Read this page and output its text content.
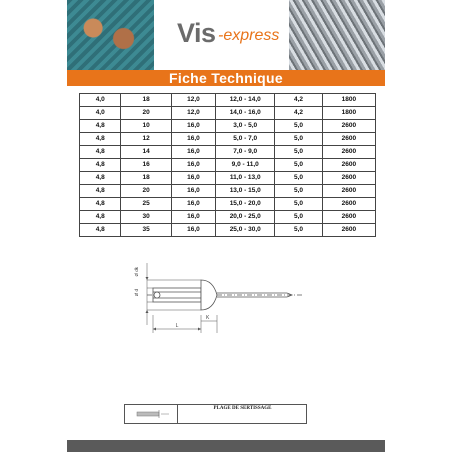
Vis -express
Fiche Technique
4,0	18	12,0	12,0 - 14,0	4,2	1800
4,0	20	12,0	14,0 - 16,0	4,2	1800
4,8	10	16,0	3,0 - 5,0	5,0	2600
4,8	12	16,0	5,0 - 7,0	5,0	2600
4,8	14	16,0	7,0 - 9,0	5,0	2600
4,8	16	16,0	9,0 - 11,0	5,0	2600
4,8	18	16,0	11,0 - 13,0	5,0	2600
4,8	20	16,0	13,0 - 15,0	5,0	2600
4,8	25	16,0	15,0 - 20,0	5,0	2600
4,8	30	16,0	20,0 - 25,0	5,0	2600
4,8	35	16,0	25,0 - 30,0	5,0	2600
Ø dk
Ø d
K
L
PLAGE DE SERTISSAGE
